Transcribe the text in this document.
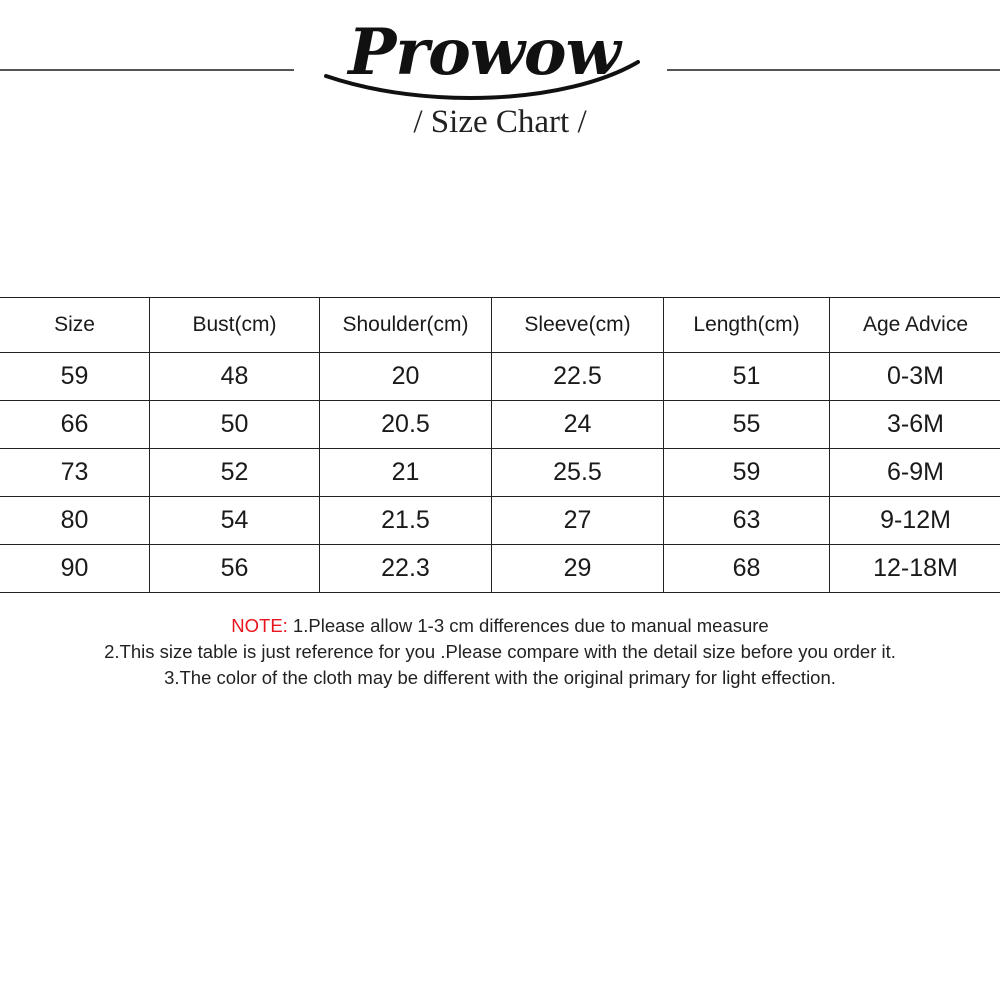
Prowow
/ Size Chart /
Size	Bust(cm)	Shoulder(cm)	Sleeve(cm)	Length(cm)	Age Advice
59	48	20	22.5	51	0-3M
66	50	20.5	24	55	3-6M
73	52	21	25.5	59	6-9M
80	54	21.5	27	63	9-12M
90	56	22.3	29	68	12-18M

NOTE: 1.Please allow 1-3 cm differences due to manual measure

2.This size table is just reference for you .Please compare with the detail size before you order it.

3.The color of the cloth may be different with the original primary for light effection.
